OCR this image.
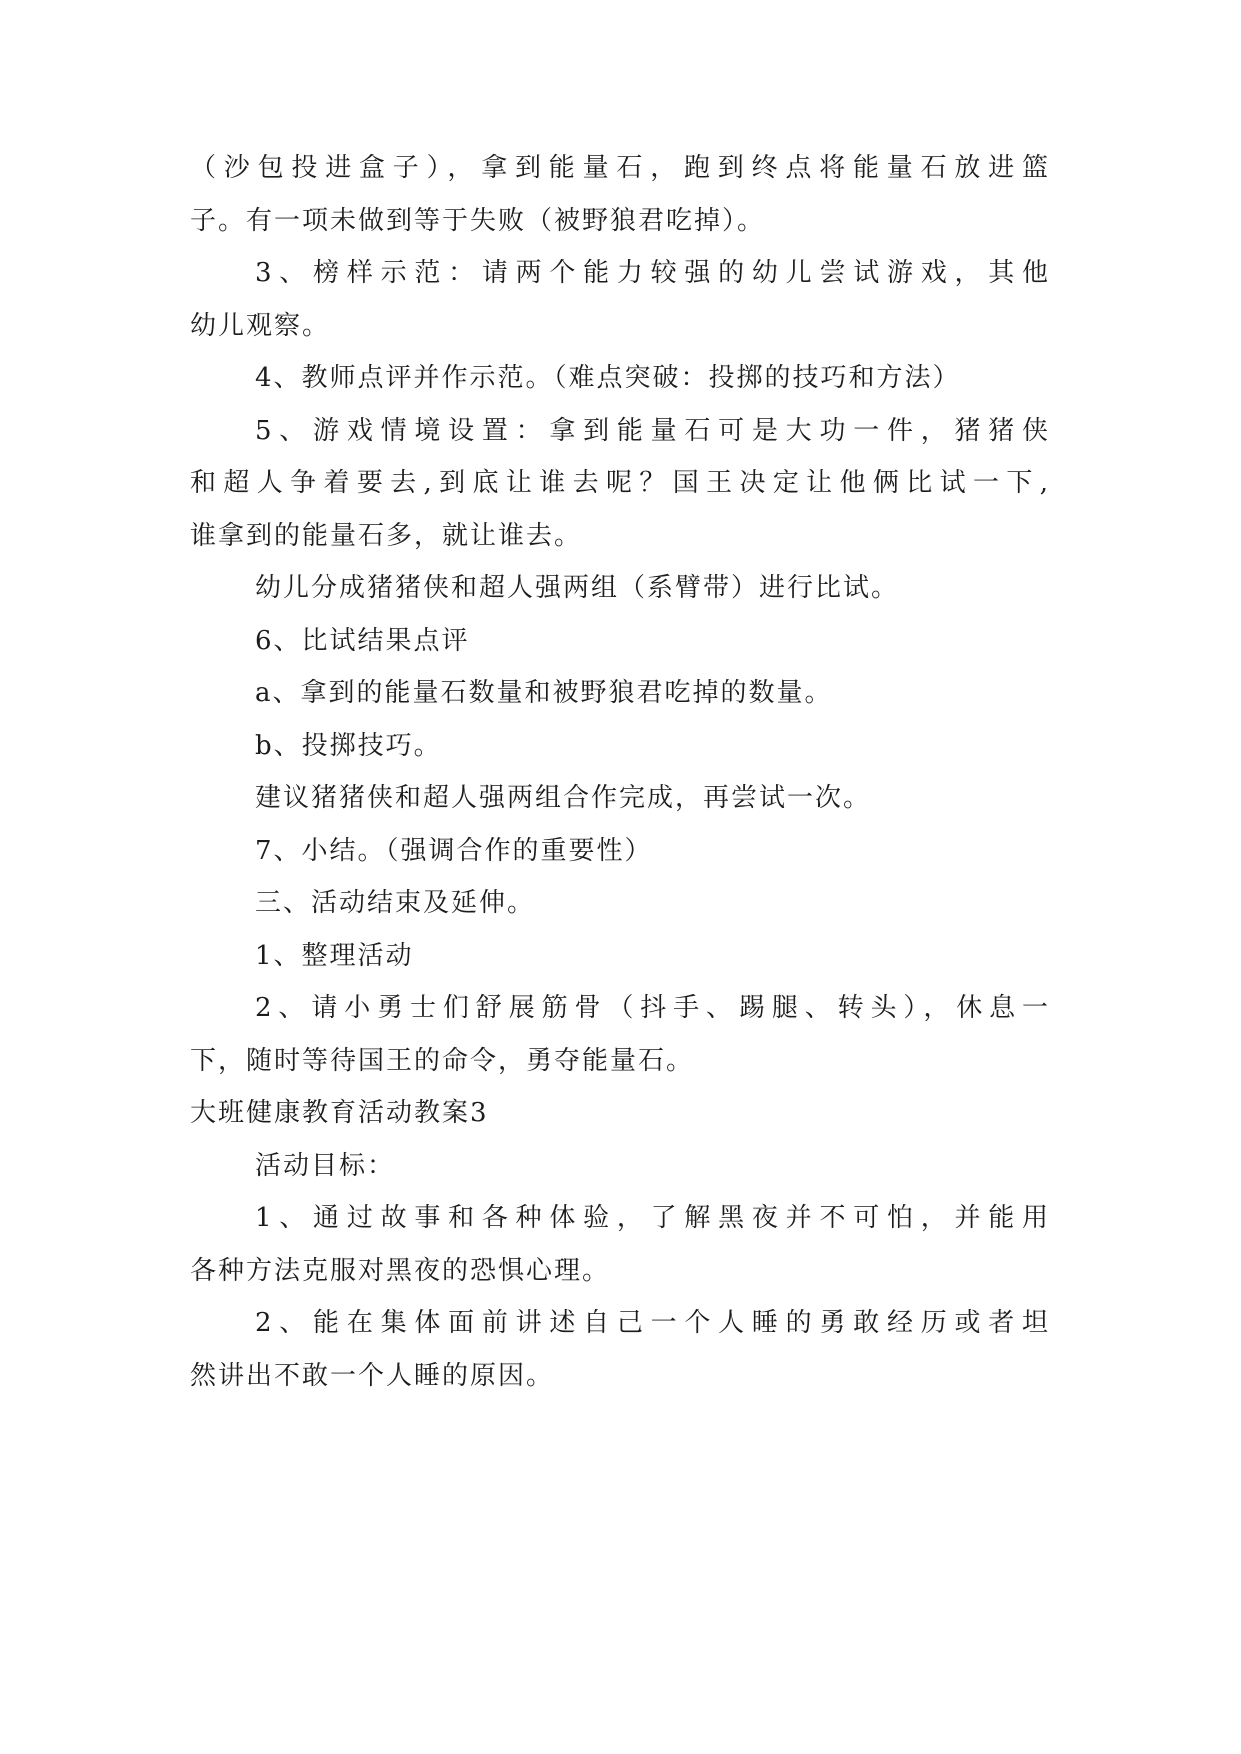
（沙包投进盒子），拿到能量石，跑到终点将能量石放进篮
子。有一项未做到等于失败（被野狼君吃掉）。
3、榜样示范：请两个能力较强的幼儿尝试游戏，其他
幼儿观察。
4、教师点评并作示范。（难点突破：投掷的技巧和方法）
5、游戏情境设置：拿到能量石可是大功一件，猪猪侠
和超人争着要去,到底让谁去呢？国王决定让他俩比试一下,
谁拿到的能量石多，就让谁去。
幼儿分成猪猪侠和超人强两组（系臂带）进行比试。
6、比试结果点评
a、拿到的能量石数量和被野狼君吃掉的数量。
b、投掷技巧。
建议猪猪侠和超人强两组合作完成，再尝试一次。
7、小结。（强调合作的重要性）
三、活动结束及延伸。
1、整理活动
2、请小勇士们舒展筋骨（抖手、踢腿、转头），休息一
下，随时等待国王的命令，勇夺能量石。
大班健康教育活动教案3
活动目标：
1、通过故事和各种体验，了解黑夜并不可怕，并能用
各种方法克服对黑夜的恐惧心理。
2、能在集体面前讲述自己一个人睡的勇敢经历或者坦
然讲出不敢一个人睡的原因。
